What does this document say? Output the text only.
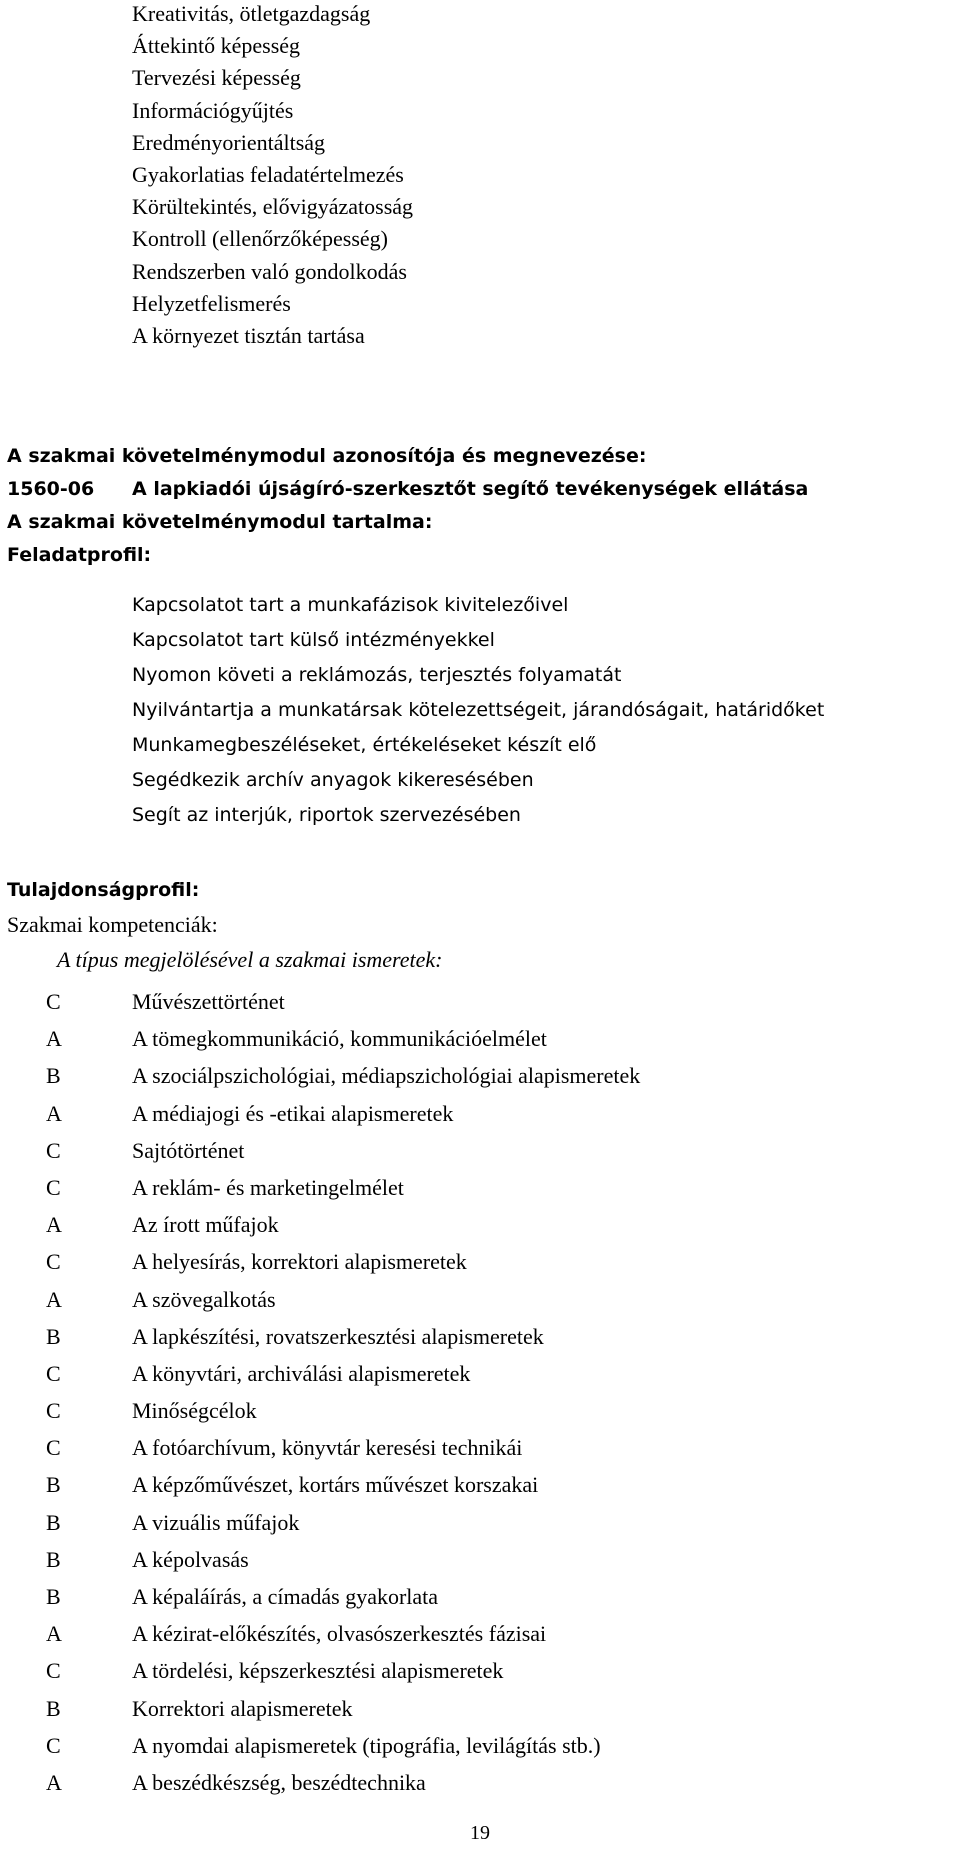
Kreativitás, ötletgazdagság
Áttekintő képesség
Tervezési képesség
Információgyűjtés
Eredményorientáltság
Gyakorlatias feladatértelmezés
Körültekintés, elővigyázatosság
Kontroll (ellenőrzőképesség)
Rendszerben való gondolkodás
Helyzetfelismerés
A környezet tisztán tartása
A szakmai követelménymodul azonosítója és megnevezése:
1560-06 A lapkiadói újságíró-szerkesztőt segítő tevékenységek ellátása
A szakmai követelménymodul tartalma:
Feladatprofil:
Kapcsolatot tart a munkafázisok kivitelezőivel
Kapcsolatot tart külső intézményekkel
Nyomon követi a reklámozás, terjesztés folyamatát
Nyilvántartja a munkatársak kötelezettségeit, járandóságait, határidőket
Munkamegbeszéléseket, értékeléseket készít elő
Segédkezik archív anyagok kikeresésében
Segít az interjúk, riportok szervezésében
Tulajdonságprofil:
Szakmai kompetenciák:
A típus megjelölésével a szakmai ismeretek:
C	Művészettörténet
A	A tömegkommunikáció, kommunikációelmélet
B	A szociálpszichológiai, médiapszichológiai alapismeretek
A	A médiajogi és -etikai alapismeretek
C	Sajtótörténet
C	A reklám- és marketingelmélet
A	Az írott műfajok
C	A helyesírás, korrektori alapismeretek
A	A szövegalkotás
B	A lapkészítési, rovatszerkesztési alapismeretek
C	A könyvtári, archiválási alapismeretek
C	Minőségcélok
C	A fotóarchívum, könyvtár keresési technikái
B	A képzőművészet, kortárs művészet korszakai
B	A vizuális műfajok
B	A képolvasás
B	A képaláírás, a címadás gyakorlata
A	A kézirat-előkészítés, olvasószerkesztés fázisai
C	A tördelési, képszerkesztési alapismeretek
B	Korrektori alapismeretek
C	A nyomdai alapismeretek (tipográfia, levilágítás stb.)
A	A beszédkészség, beszédtechnika
19
